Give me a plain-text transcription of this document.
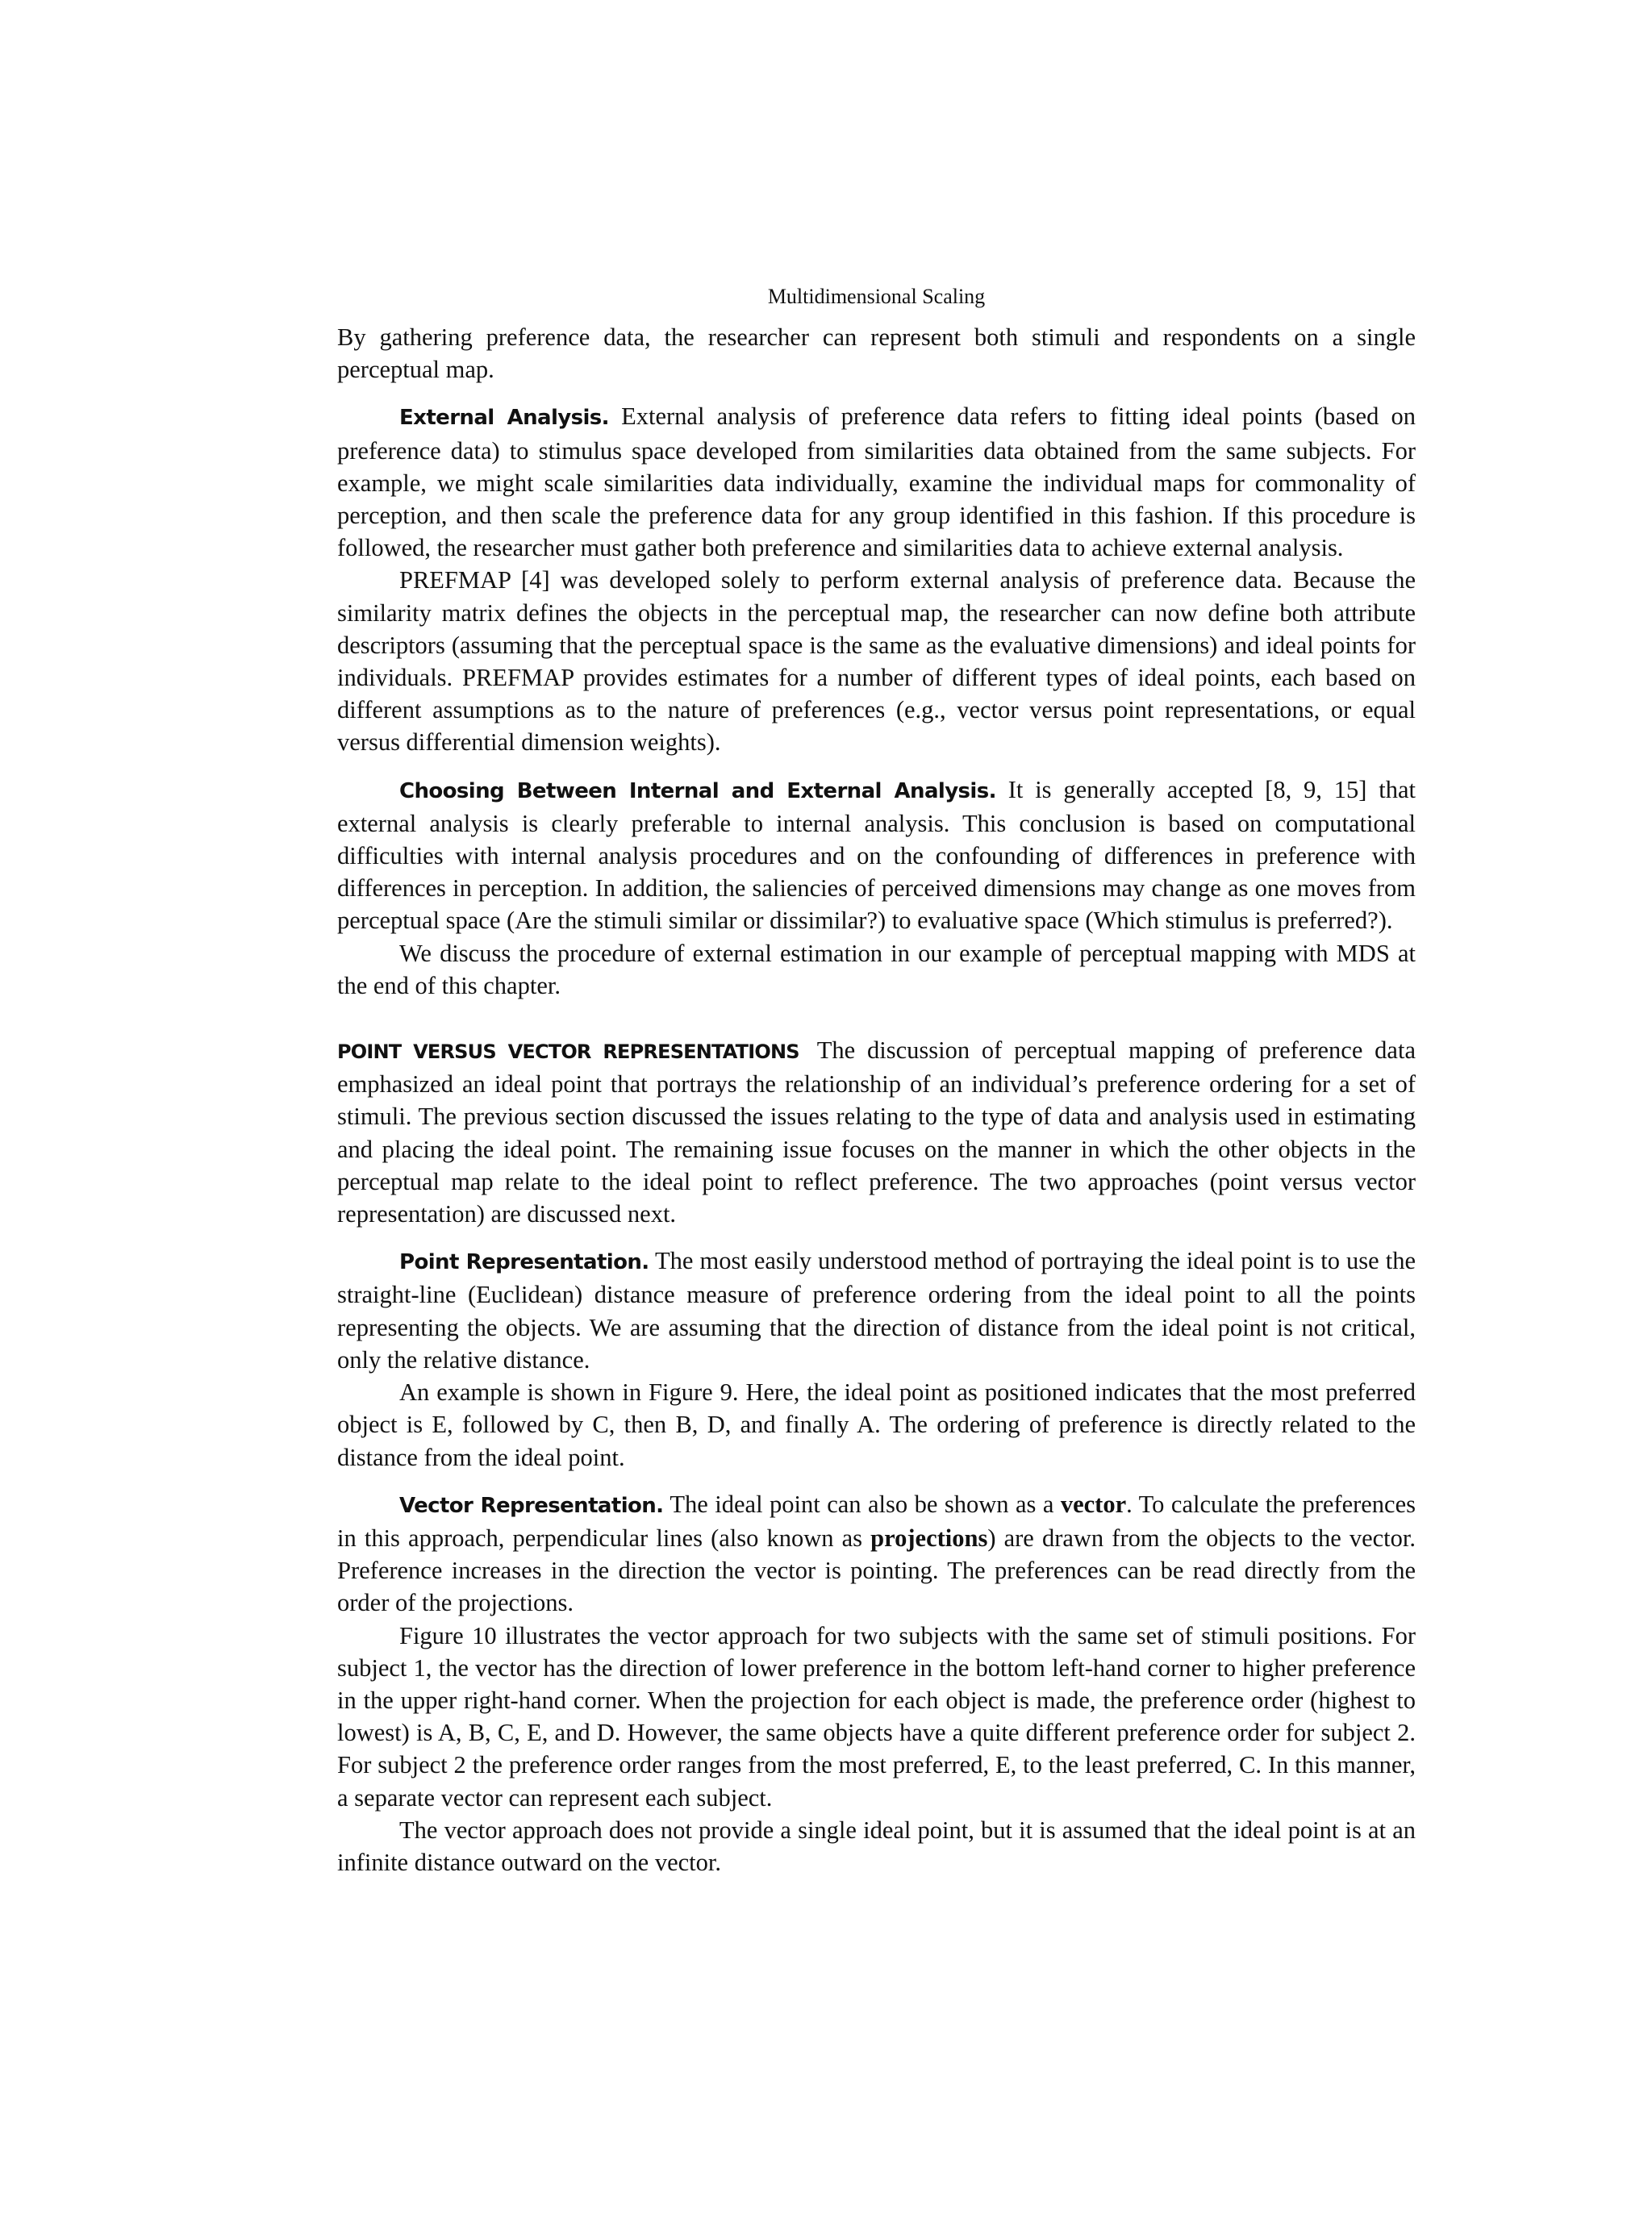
Multidimensional Scaling

By gathering preference data, the researcher can represent both stimuli and respondents on a single perceptual map.

External Analysis. External analysis of preference data refers to fitting ideal points (based on preference data) to stimulus space developed from similarities data obtained from the same subjects. For example, we might scale similarities data individually, examine the individual maps for commonality of perception, and then scale the preference data for any group identified in this fashion. If this procedure is followed, the researcher must gather both preference and similarities data to achieve external analysis.

PREFMAP [4] was developed solely to perform external analysis of preference data. Because the similarity matrix defines the objects in the perceptual map, the researcher can now define both attribute descriptors (assuming that the perceptual space is the same as the evaluative dimensions) and ideal points for individuals. PREFMAP provides estimates for a number of different types of ideal points, each based on different assumptions as to the nature of preferences (e.g., vector versus point representations, or equal versus differential dimension weights).

Choosing Between Internal and External Analysis. It is generally accepted [8, 9, 15] that external analysis is clearly preferable to internal analysis. This conclusion is based on computational difficulties with internal analysis procedures and on the confounding of differences in preference with differences in perception. In addition, the saliencies of perceived dimensions may change as one moves from perceptual space (Are the stimuli similar or dissimilar?) to evaluative space (Which stimulus is preferred?).

We discuss the procedure of external estimation in our example of perceptual mapping with MDS at the end of this chapter.

POINT VERSUS VECTOR REPRESENTATIONS The discussion of perceptual mapping of preference data emphasized an ideal point that portrays the relationship of an individual’s preference ordering for a set of stimuli. The previous section discussed the issues relating to the type of data and analysis used in estimating and placing the ideal point. The remaining issue focuses on the manner in which the other objects in the perceptual map relate to the ideal point to reflect preference. The two approaches (point versus vector representation) are discussed next.

Point Representation. The most easily understood method of portraying the ideal point is to use the straight-line (Euclidean) distance measure of preference ordering from the ideal point to all the points representing the objects. We are assuming that the direction of distance from the ideal point is not critical, only the relative distance.

An example is shown in Figure 9. Here, the ideal point as positioned indicates that the most preferred object is E, followed by C, then B, D, and finally A. The ordering of preference is directly related to the distance from the ideal point.

Vector Representation. The ideal point can also be shown as a vector. To calculate the preferences in this approach, perpendicular lines (also known as projections) are drawn from the objects to the vector. Preference increases in the direction the vector is pointing. The preferences can be read directly from the order of the projections.

Figure 10 illustrates the vector approach for two subjects with the same set of stimuli positions. For subject 1, the vector has the direction of lower preference in the bottom left-hand corner to higher preference in the upper right-hand corner. When the projection for each object is made, the preference order (highest to lowest) is A, B, C, E, and D. However, the same objects have a quite different preference order for subject 2. For subject 2 the preference order ranges from the most preferred, E, to the least preferred, C. In this manner, a separate vector can represent each subject.

The vector approach does not provide a single ideal point, but it is assumed that the ideal point is at an infinite distance outward on the vector.
